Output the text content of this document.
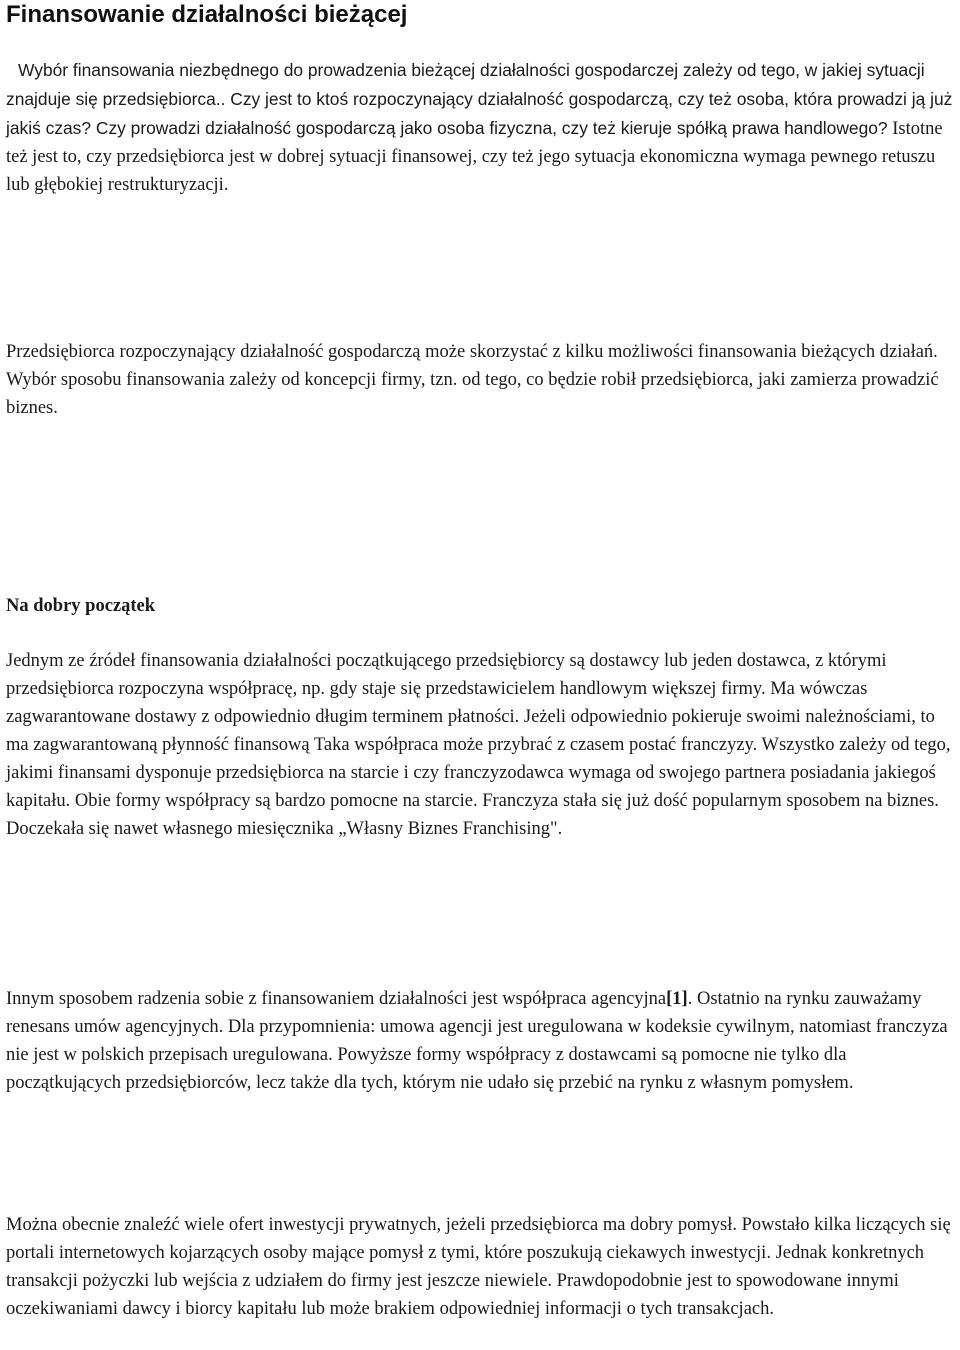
Finansowanie działalności bieżącej

Wybór finansowania niezbędnego do prowadzenia bieżącej działalności gospodarczej zależy od tego, w jakiej sytuacji znajduje się przedsiębiorca.. Czy jest to ktoś rozpoczynający działalność gospodarczą, czy też osoba, która prowadzi ją już jakiś czas? Czy prowadzi działalność gospodarczą jako osoba fizyczna, czy też kieruje spółką prawa handlowego? Istotne też jest to, czy przedsiębiorca jest w dobrej sytuacji finansowej, czy też jego sytuacja ekonomiczna wymaga pewnego retuszu lub głębokiej restrukturyzacji.

Przedsiębiorca rozpoczynający działalność gospodarczą może skorzystać z kilku możliwości finansowania bieżących działań. Wybór sposobu finansowania zależy od koncepcji firmy, tzn. od tego, co będzie robił przedsiębiorca, jaki zamierza prowadzić biznes.

Na dobry początek

Jednym ze źródeł finansowania działalności początkującego przedsiębiorcy są dostawcy lub jeden dostawca, z którymi przedsiębiorca rozpoczyna współpracę, np. gdy staje się przedstawicielem handlowym większej firmy. Ma wówczas zagwarantowane dostawy z odpowiednio długim terminem płatności. Jeżeli odpowiednio pokieruje swoimi należnościami, to ma zagwarantowaną płynność finansową Taka współpraca może przybrać z czasem postać franczyzy. Wszystko zależy od tego, jakimi finansami dysponuje przedsiębiorca na starcie i czy franczyzodawca wymaga od swojego partnera posiadania jakiegoś kapitału. Obie formy współpracy są bardzo pomocne na starcie. Franczyza stała się już dość popularnym sposobem na biznes. Doczekała się nawet własnego miesięcznika „Własny Biznes Franchising".

Innym sposobem radzenia sobie z finansowaniem działalności jest współpraca agencyjna[1]. Ostatnio na rynku zauważamy renesans umów agencyjnych. Dla przypomnienia: umowa agencji jest uregulowana w kodeksie cywilnym, natomiast franczyza nie jest w polskich przepisach uregulowana. Powyższe formy współpracy z dostawcami są pomocne nie tylko dla początkujących przedsiębiorców, lecz także dla tych, którym nie udało się przebić na rynku z własnym pomysłem.

Można obecnie znaleźć wiele ofert inwestycji prywatnych, jeżeli przedsiębiorca ma dobry pomysł. Powstało kilka liczących się portali internetowych kojarzących osoby mające pomysł z tymi, które poszukują ciekawych inwestycji. Jednak konkretnych transakcji pożyczki lub wejścia z udziałem do firmy jest jeszcze niewiele. Prawdopodobnie jest to spowodowane innymi oczekiwaniami dawcy i biorcy kapitału lub może brakiem odpowiedniej informacji o tych transakcjach.
